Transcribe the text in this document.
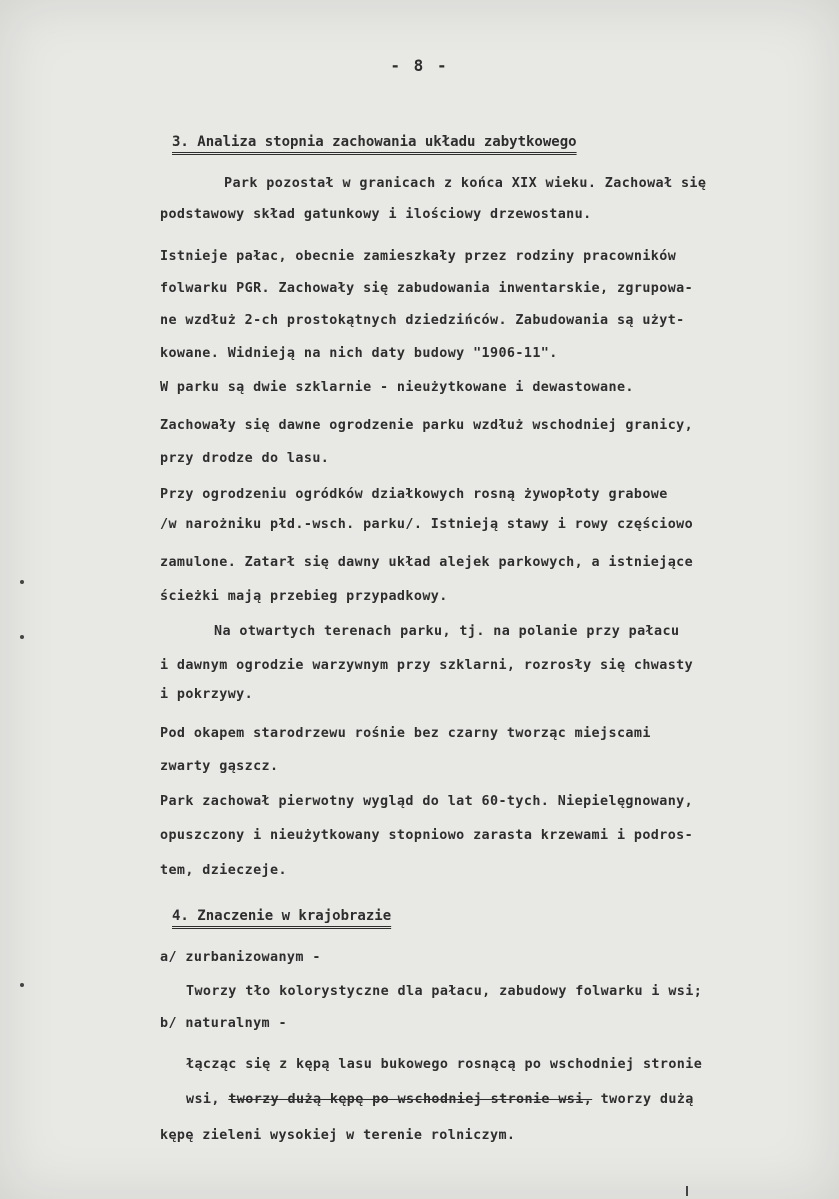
- 8 -
3. Analiza stopnia zachowania układu zabytkowego
Park pozostał w granicach z końca XIX wieku. Zachował się
podstawowy skład gatunkowy i ilościowy drzewostanu.
Istnieje pałac, obecnie zamieszkały przez rodziny pracowników
folwarku PGR. Zachowały się zabudowania inwentarskie, zgrupowa-
ne wzdłuż 2-ch prostokątnych dziedzińców. Zabudowania są użyt-
kowane. Widnieją na nich daty budowy "1906-11".
W parku są dwie szklarnie - nieużytkowane i dewastowane.
Zachowały się dawne ogrodzenie parku wzdłuż wschodniej granicy,
przy drodze do lasu.
Przy ogrodzeniu ogródków działkowych rosną żywopłoty grabowe
/w narożniku płd.-wsch. parku/. Istnieją stawy i rowy częściowo
zamulone. Zatarł się dawny układ alejek parkowych, a istniejące
ścieżki mają przebieg przypadkowy.
Na otwartych terenach parku, tj. na polanie przy pałacu
i dawnym ogrodzie warzywnym przy szklarni, rozrosły się chwasty
i pokrzywy.
Pod okapem starodrzewu rośnie bez czarny tworząc miejscami
zwarty gąszcz.
Park zachował pierwotny wygląd do lat 60-tych. Niepielęgnowany,
opuszczony i nieużytkowany stopniowo zarasta krzewami i podros-
tem, dzieczeje.
4. Znaczenie w krajobrazie
a/ zurbanizowanym -
Tworzy tło kolorystyczne dla pałacu, zabudowy folwarku i wsi;
b/ naturalnym -
łącząc się z kępą lasu bukowego rosnącą po wschodniej stronie
wsi, tworzy dużą kępę po wschodniej stronie wsi, tworzy dużą
kępę zieleni wysokiej w terenie rolniczym.
